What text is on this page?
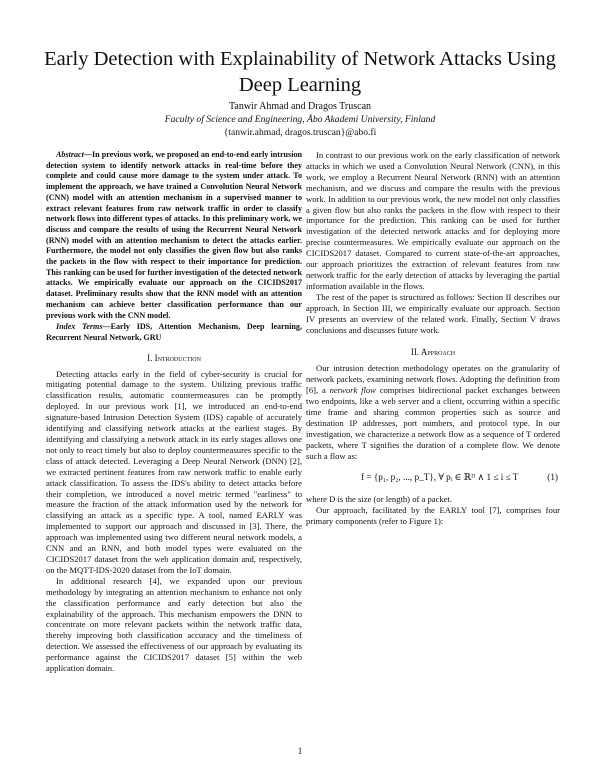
Early Detection with Explainability of Network Attacks Using Deep Learning
Tanwir Ahmad and Dragos Truscan
Faculty of Science and Engineering, Åbo Akademi University, Finland
{tanwir.ahmad, dragos.truscan}@abo.fi

Abstract—In previous work, we proposed an end-to-end early intrusion detection system to identify network attacks in real-time before they complete and could cause more damage to the system under attack. To implement the approach, we have trained a Convolution Neural Network (CNN) model with an attention mechanism in a supervised manner to extract relevant features from raw network traffic in order to classify network flows into different types of attacks. In this preliminary work, we discuss and compare the results of using the Recurrent Neural Network (RNN) model with an attention mechanism to detect the attacks earlier. Furthermore, the model not only classifies the given flow but also ranks the packets in the flow with respect to their importance for prediction. This ranking can be used for further investigation of the detected network attacks. We empirically evaluate our approach on the CICIDS2017 dataset. Preliminary results show that the RNN model with an attention mechanism can achieve better classification performance than our previous work with the CNN model.

Index Terms—Early IDS, Attention Mechanism, Deep learning, Recurrent Neural Network, GRU

I. Introduction

Detecting attacks early in the field of cyber-security is crucial for mitigating potential damage to the system. Utilizing previous traffic classification results, automatic countermeasures can be promptly deployed. In our previous work [1], we introduced an end-to-end signature-based Intrusion Detection System (IDS) capable of accurately identifying and classifying network attacks at the earliest stages. By identifying and classifying a network attack in its early stages allows one not only to react timely but also to deploy countermeasures specific to the class of attack detected. Leveraging a Deep Neural Network (DNN) [2], we extracted pertinent features from raw network traffic to enable early attack classification. To assess the IDS's ability to detect attacks before their completion, we introduced a novel metric termed "earliness" to measure the fraction of the attack information used by the network for classifying an attack as a specific type. A tool, named EARLY was implemented to support our approach and discussed in [3]. There, the approach was implemented using two different neural network models, a CNN and an RNN, and both model types were evaluated on the CICIDS2017 dataset from the web application domain and, respectively, on the MQTT-IDS-2020 dataset from the IoT domain.

In additional research [4], we expanded upon our previous methodology by integrating an attention mechanism to enhance not only the classification performance and early detection but also the explainability of the approach. This mechanism empowers the DNN to concentrate on more relevant packets within the network traffic data, thereby improving both classification accuracy and the timeliness of detection. We assessed the effectiveness of our approach by evaluating its performance against the CICIDS2017 dataset [5] within the web application domain.

In contrast to our previous work on the early classification of network attacks in which we used a Convolution Neural Network (CNN), in this work, we employ a Recurrent Neural Network (RNN) with an attention mechanism, and we discuss and compare the results with the previous work. In addition to our previous work, the new model not only classifies a given flow but also ranks the packets in the flow with respect to their importance for the prediction. This ranking can be used for further investigation of the detected network attacks and for deploying more precise countermeasures. We empirically evaluate our approach on the CICIDS2017 dataset. Compared to current state-of-the-art approaches, our approach prioritizes the extraction of relevant features from raw network traffic for the early detection of attacks by leveraging the partial information available in the flows.

The rest of the paper is structured as follows: Section II describes our approach. In Section III, we empirically evaluate our approach. Section IV presents an overview of the related work. Finally, Section V draws conclusions and discusses future work.

II. Approach

Our intrusion detection methodology operates on the granularity of network packets, examining network flows. Adopting the definition from [6], a network flow comprises bidirectional packet exchanges between two endpoints, like a web server and a client, occurring within a specific time frame and sharing common properties such as source and destination IP addresses, port numbers, and protocol type. In our investigation, we characterize a network flow as a sequence of T ordered packets, where T signifies the duration of a complete flow. We denote such a flow as:

f = {p₁, p₂, ..., p_T}, ∀ pᵢ ∈ ℝᴰ ∧ 1 ≤ i ≤ T	(1)

where D is the size (or length) of a packet.

Our approach, facilitated by the EARLY tool [7], comprises four primary components (refer to Figure 1):

1
